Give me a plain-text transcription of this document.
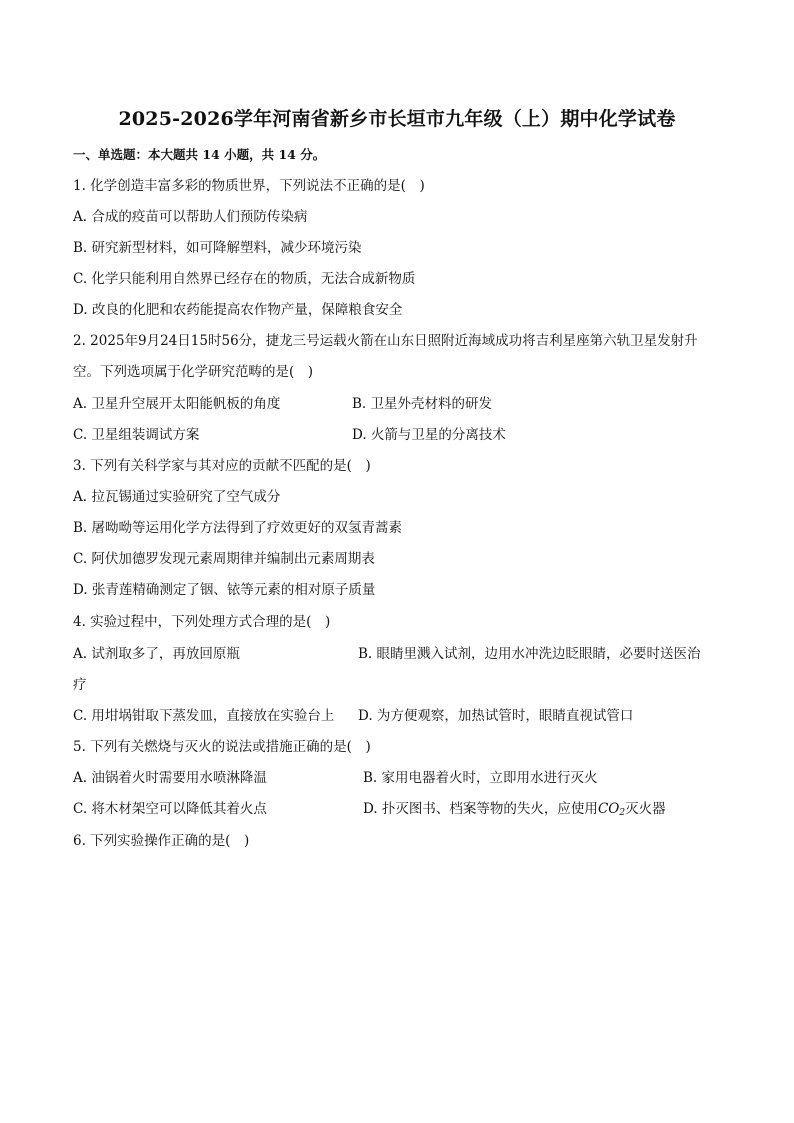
2025-2026学年河南省新乡市长垣市九年级（上）期中化学试卷
一、单选题：本大题共 14 小题，共 14 分。
1. 化学创造丰富多彩的物质世界，下列说法不正确的是(　)
A. 合成的疫苗可以帮助人们预防传染病
B. 研究新型材料，如可降解塑料，减少环境污染
C. 化学只能利用自然界已经存在的物质，无法合成新物质
D. 改良的化肥和农药能提高农作物产量，保障粮食安全
2. 2025年9月24日15时56分，捷龙三号运载火箭在山东日照附近海域成功将吉利星座第六轨卫星发射升
空。下列选项属于化学研究范畴的是(　)
A. 卫星升空展开太阳能帆板的角度	B. 卫星外壳材料的研发
C. 卫星组装调试方案	D. 火箭与卫星的分离技术
3. 下列有关科学家与其对应的贡献不匹配的是(　)
A. 拉瓦锡通过实验研究了空气成分
B. 屠呦呦等运用化学方法得到了疗效更好的双氢青蒿素
C. 阿伏加德罗发现元素周期律并编制出元素周期表
D. 张青莲精确测定了铟、铱等元素的相对原子质量
4. 实验过程中，下列处理方式合理的是(　)
A. 试剂取多了，再放回原瓶	B. 眼睛里溅入试剂，边用水冲洗边眨眼睛，必要时送医治
疗
C. 用坩埚钳取下蒸发皿，直接放在实验台上 D. 为方便观察，加热试管时，眼睛直视试管口
5. 下列有关燃烧与灭火的说法或措施正确的是(　)
A. 油锅着火时需要用水喷淋降温	B. 家用电器着火时，立即用水进行灭火
C. 将木材架空可以降低其着火点	D. 扑灭图书、档案等物的失火，应使用$CO_2$灭火器
6. 下列实验操作正确的是(　)
